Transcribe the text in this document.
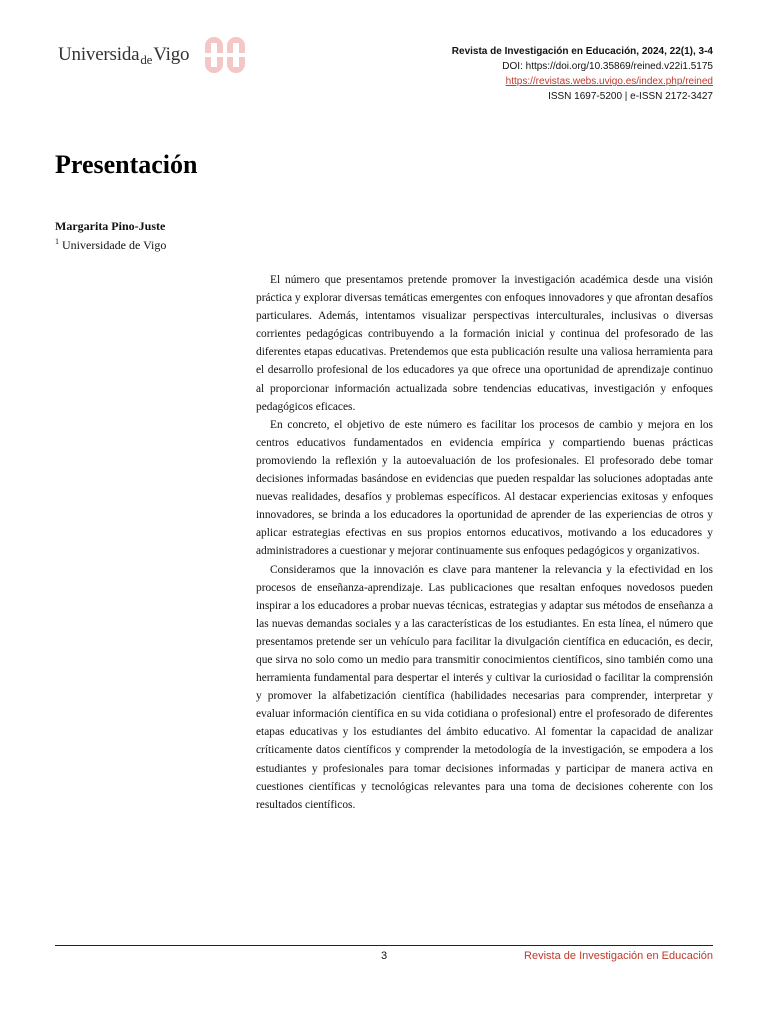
Universida$_{de}$Vigo	Revista de Investigación en Educación, 2024, 22(1), 3-4
DOI: https://doi.org/10.35869/reined.v22i1.5175
https://revistas.webs.uvigo.es/index.php/reined
ISSN 1697-5200 | e-ISSN 2172-3427
Presentación
Margarita Pino-Juste
$^1$ Universidade de Vigo

El número que presentamos pretende promover la investigación académica desde una visión práctica y explorar diversas temáticas emergentes con enfoques innovadores y que afrontan desafíos particulares. Además, intentamos visualizar perspectivas interculturales, inclusivas o diversas corrientes pedagógicas contribuyendo a la formación inicial y continua del profesorado de las diferentes etapas educativas. Pretendemos que esta publicación resulte una valiosa herramienta para el desarrollo profesional de los educadores ya que ofrece una oportunidad de aprendizaje continuo al proporcionar información actualizada sobre tendencias educativas, investigación y enfoques pedagógicos eficaces.

En concreto, el objetivo de este número es facilitar los procesos de cambio y mejora en los centros educativos fundamentados en evidencia empírica y compartiendo buenas prácticas promoviendo la reflexión y la autoevaluación de los profesionales. El profesorado debe tomar decisiones informadas basándose en evidencias que pueden respaldar las soluciones adoptadas ante nuevas realidades, desafíos y problemas específicos. Al destacar experiencias exitosas y enfoques innovadores, se brinda a los educadores la oportunidad de aprender de las experiencias de otros y aplicar estrategias efectivas en sus propios entornos educativos, motivando a los educadores y administradores a cuestionar y mejorar continuamente sus enfoques pedagógicos y organizativos.

Consideramos que la innovación es clave para mantener la relevancia y la efectividad en los procesos de enseñanza-aprendizaje. Las publicaciones que resaltan enfoques novedosos pueden inspirar a los educadores a probar nuevas técnicas, estrategias y adaptar sus métodos de enseñanza a las nuevas demandas sociales y a las características de los estudiantes. En esta línea, el número que presentamos pretende ser un vehículo para facilitar la divulgación científica en educación, es decir, que sirva no solo como un medio para transmitir conocimientos científicos, sino también como una herramienta fundamental para despertar el interés y cultivar la curiosidad o facilitar la comprensión y promover la alfabetización científica (habilidades necesarias para comprender, interpretar y evaluar información científica en su vida cotidiana o profesional) entre el profesorado de diferentes etapas educativas y los estudiantes del ámbito educativo. Al fomentar la capacidad de analizar críticamente datos científicos y comprender la metodología de la investigación, se empodera a los estudiantes y profesionales para tomar decisiones informadas y participar de manera activa en cuestiones científicas y tecnológicas relevantes para una toma de decisiones coherente con los resultados científicos.

3	Revista de Investigación en Educación
